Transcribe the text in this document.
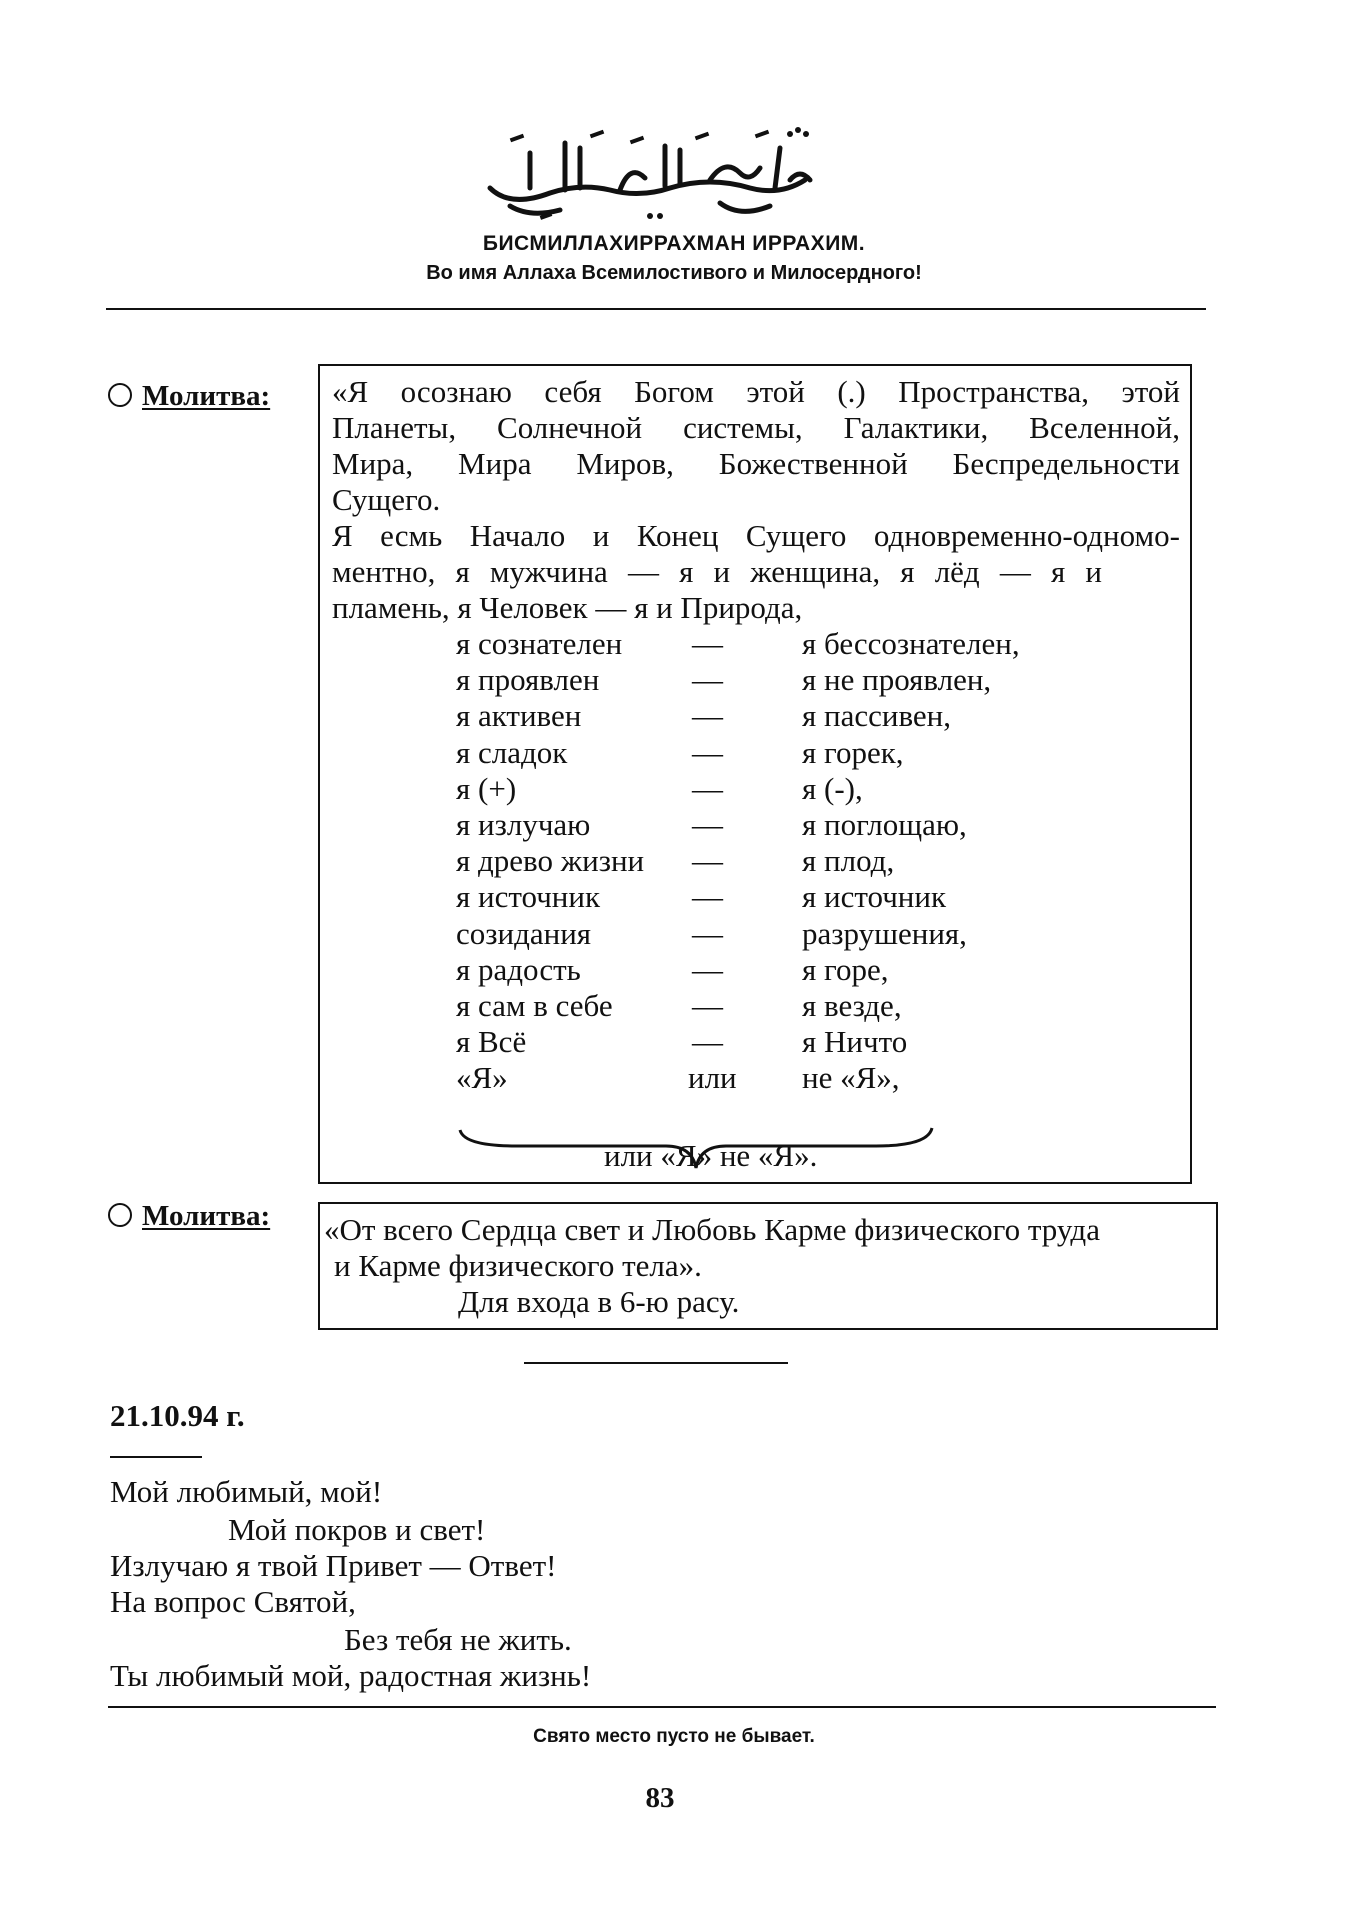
БИСМИЛЛАХИРРАХМАН ИРРАХИМ.
Во имя Аллаха Всемилостивого и Милосердного!
Молитва: «Я осознаю себя Богом этой (.) Пространства, этой
Планеты, Солнечной системы, Галактики, Вселенной,
Мира, Мира Миров, Божественной Беспредельности
Сущего.
Я есмь Начало и Конец Сущего одновременно-одномо-
ментно, я мужчина — я и женщина, я лёд — я и
пламень, я Человек — я и Природа,
я сознателен —	я бессознателен,
я проявлен	—	я не проявлен,
я активен	—	я пассивен,
я сладок	—	я горек,
я (+)	—	я (-),
я излучаю	—	я поглощаю,
я древо жизни —	я плод,
я источник	—	я источник
созидания	—	разрушения,
я радость	—	я горе,
я сам в себе	—	я везде,
я Всё	—	я Ничто
«Я»	или не «Я»,
или «Я» не «Я».
Молитва: «От всего Сердца свет и Любовь Карме физического труда
и Карме физического тела».
Для входа в 6-ю расу.
21.10.94 г.
Мой любимый, мой!
Мой покров и свет!
Излучаю я твой Привет — Ответ!
На вопрос Святой,
Без тебя не жить.
Ты любимый мой, радостная жизнь!
Свято место пусто не бывает.
83
